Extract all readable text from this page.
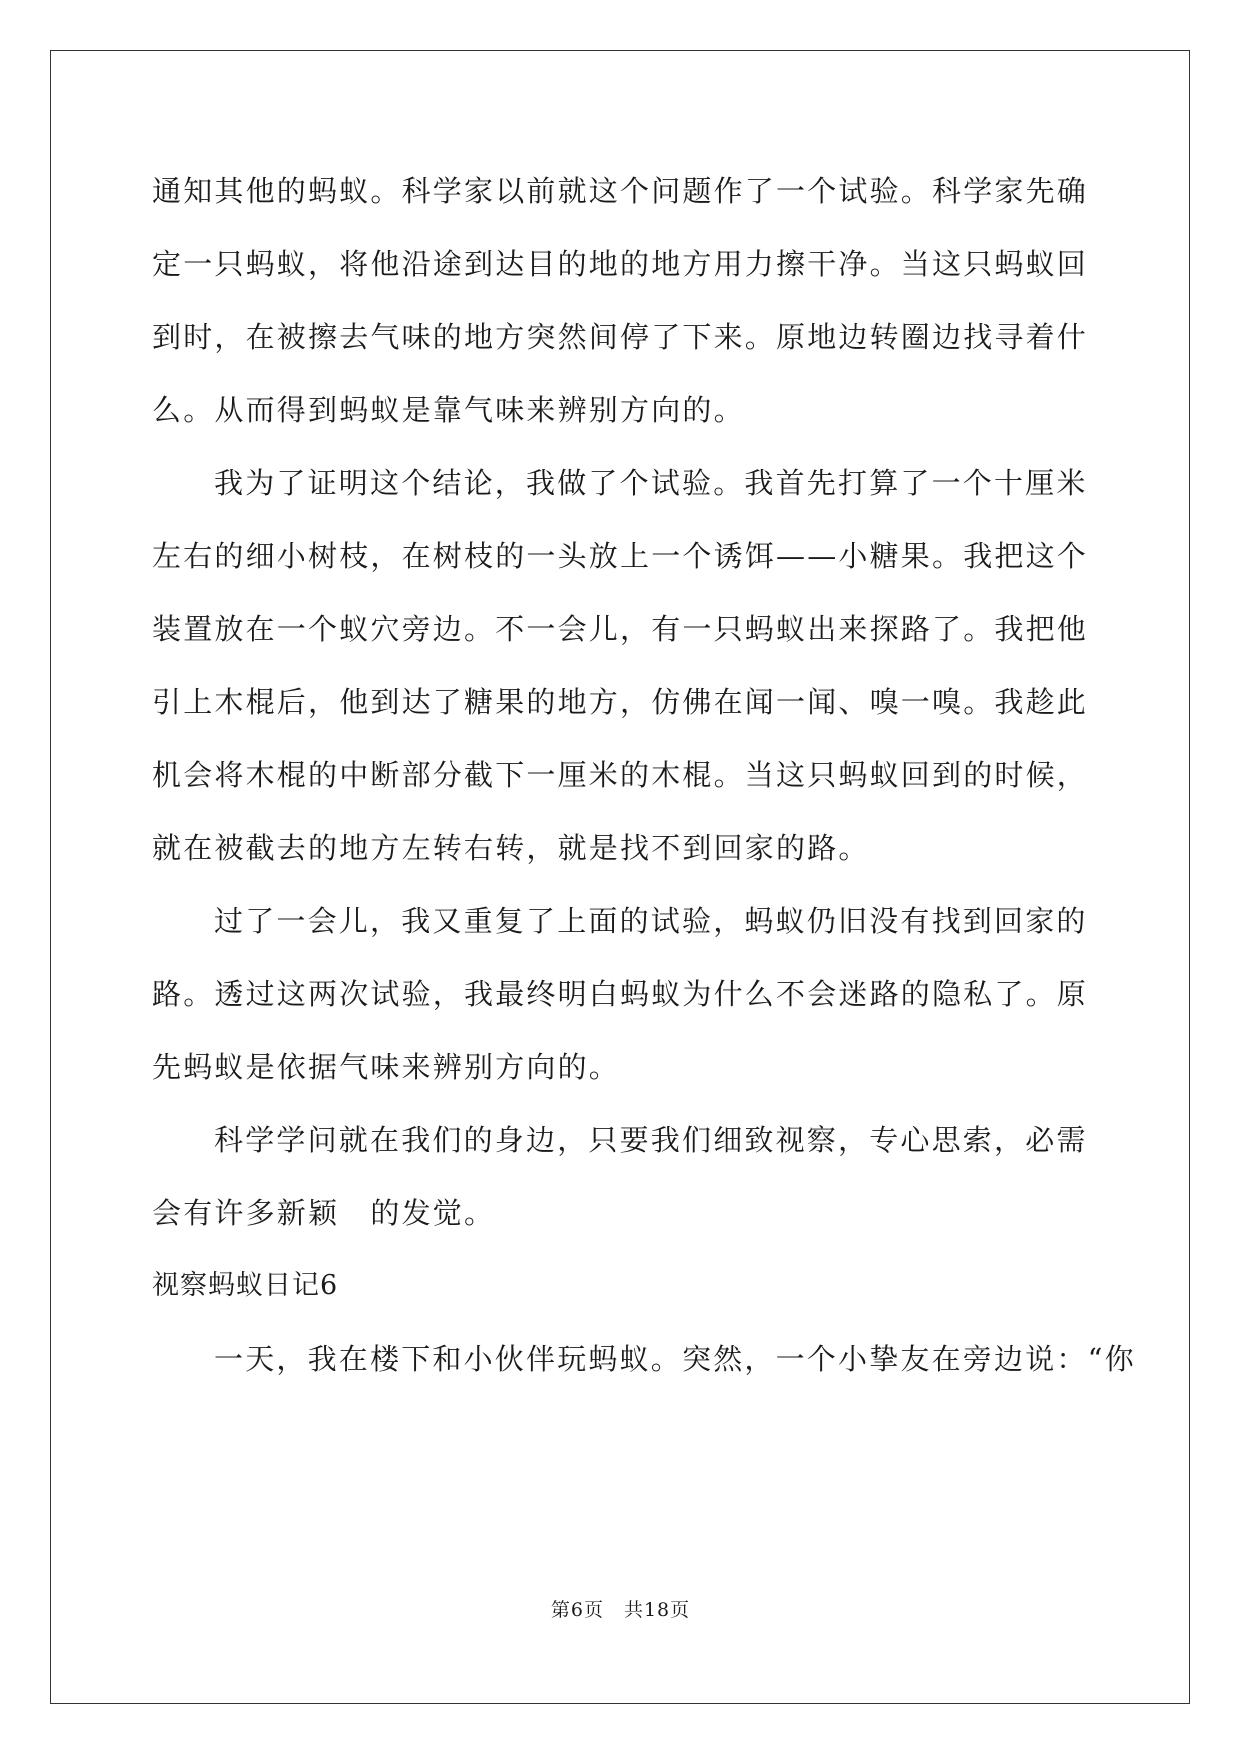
通知其他的蚂蚁。科学家以前就这个问题作了一个试验。科学家先确
定一只蚂蚁，将他沿途到达目的地的地方用力擦干净。当这只蚂蚁回
到时，在被擦去气味的地方突然间停了下来。原地边转圈边找寻着什
么。从而得到蚂蚁是靠气味来辨别方向的。
我为了证明这个结论，我做了个试验。我首先打算了一个十厘米
左右的细小树枝，在树枝的一头放上一个诱饵——小糖果。我把这个
装置放在一个蚁穴旁边。不一会儿，有一只蚂蚁出来探路了。我把他
引上木棍后，他到达了糖果的地方，仿佛在闻一闻、嗅一嗅。我趁此
机会将木棍的中断部分截下一厘米的木棍。当这只蚂蚁回到的时候，
就在被截去的地方左转右转，就是找不到回家的路。
过了一会儿，我又重复了上面的试验，蚂蚁仍旧没有找到回家的
路。透过这两次试验，我最终明白蚂蚁为什么不会迷路的隐私了。原
先蚂蚁是依据气味来辨别方向的。
科学学问就在我们的身边，只要我们细致视察，专心思索，必需
会有许多新颖　的发觉。
视察蚂蚁日记6
一天，我在楼下和小伙伴玩蚂蚁。突然，一个小挚友在旁边说：“你
第6页　共18页
